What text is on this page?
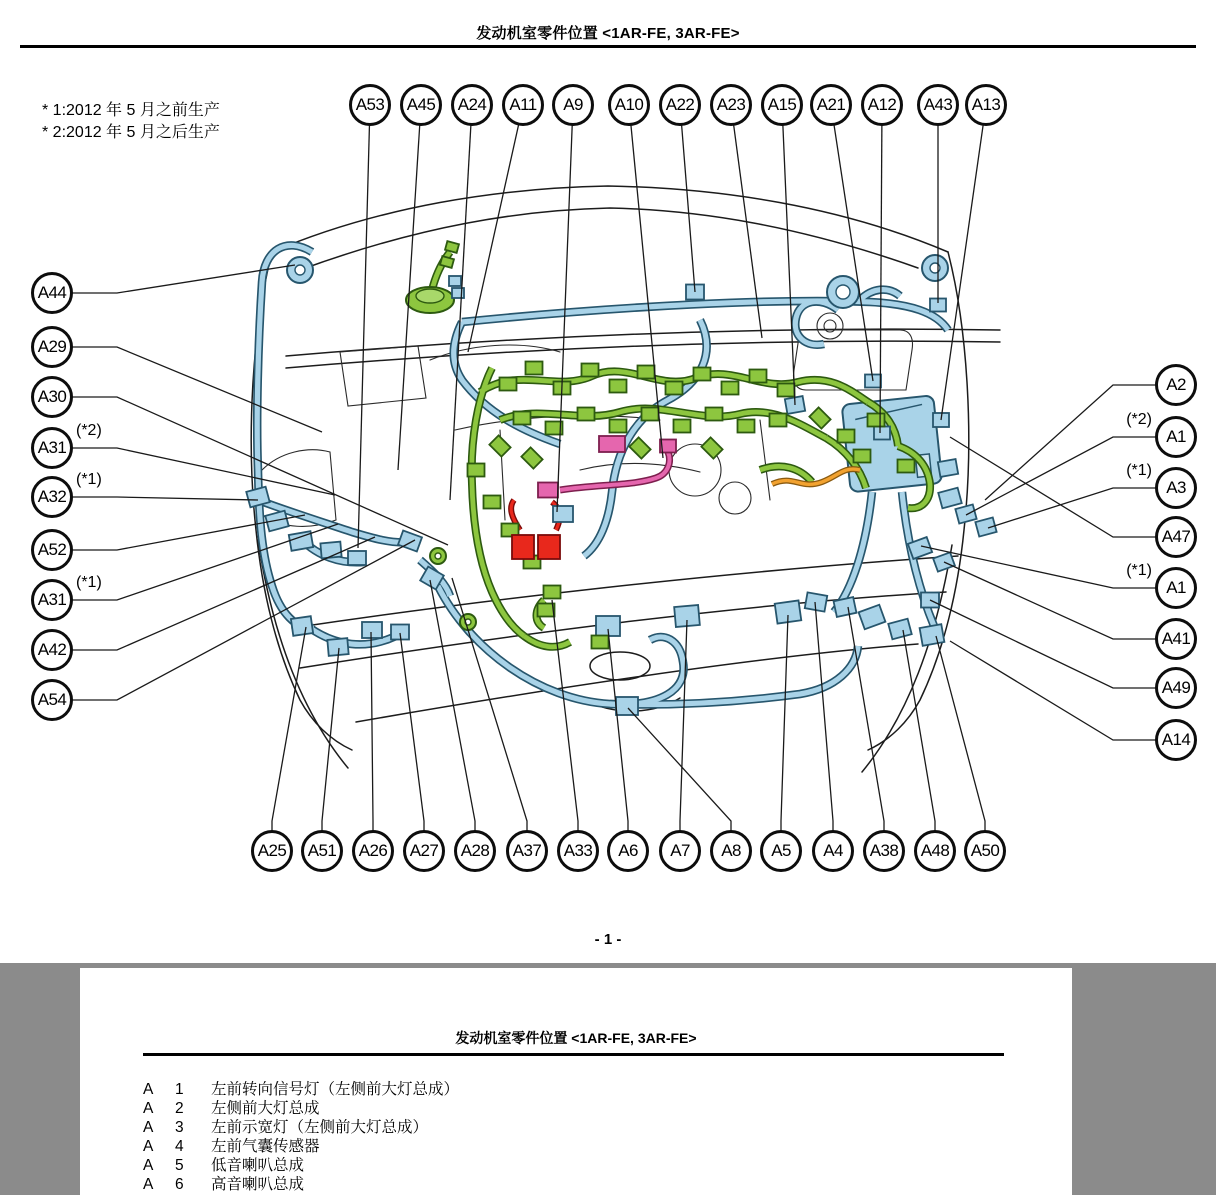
发动机室零件位置 <1AR-FE, 3AR-FE>
* 1:2012 年 5 月之前生产
* 2:2012 年 5 月之后生产
- 1 -
A53	A45	A24	A11	A9	A10	A22	A23	A15	A21	A12	A43	A13
A25	A51	A26	A27	A28	A37	A33	A6	A7	A8	A5	A4	A38	A48	A50
A44
A29
A30
A31
(*2)
A32
(*1)
A52
A31
(*1)
A42
A54
A2
A1
(*2)
A3
(*1)
A47
A1
(*1)
A41
A49
A14
发动机室零件位置 <1AR-FE, 3AR-FE>
A	1	左前转向信号灯（左侧前大灯总成）
A	2	左侧前大灯总成
A	3	左前示宽灯（左侧前大灯总成）
A	4	左前气囊传感器
A	5	低音喇叭总成
A	6	高音喇叭总成
